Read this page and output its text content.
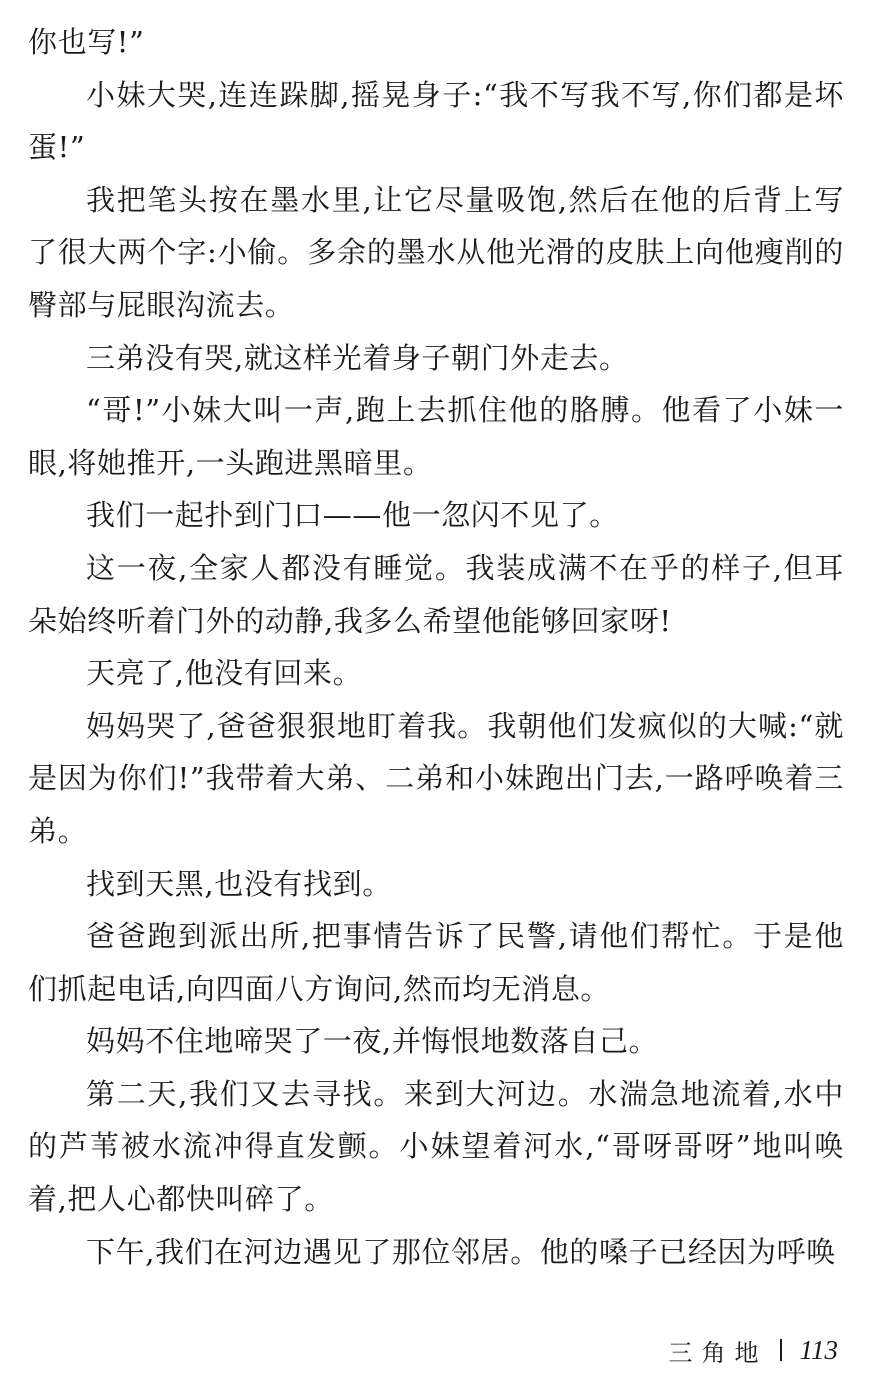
你也写!”

小妹大哭,连连跺脚,摇晃身子:“我不写我不写,你们都是坏蛋!”

我把笔头按在墨水里,让它尽量吸饱,然后在他的后背上写了很大两个字:小偷。多余的墨水从他光滑的皮肤上向他瘦削的臀部与屁眼沟流去。

三弟没有哭,就这样光着身子朝门外走去。

“哥!”小妹大叫一声,跑上去抓住他的胳膊。他看了小妹一眼,将她推开,一头跑进黑暗里。

我们一起扑到门口——他一忽闪不见了。

这一夜,全家人都没有睡觉。我装成满不在乎的样子,但耳朵始终听着门外的动静,我多么希望他能够回家呀!

天亮了,他没有回来。

妈妈哭了,爸爸狠狠地盯着我。我朝他们发疯似的大喊:“就是因为你们!”我带着大弟、二弟和小妹跑出门去,一路呼唤着三弟。

找到天黑,也没有找到。

爸爸跑到派出所,把事情告诉了民警,请他们帮忙。于是他们抓起电话,向四面八方询问,然而均无消息。

妈妈不住地啼哭了一夜,并悔恨地数落自己。

第二天,我们又去寻找。来到大河边。水湍急地流着,水中的芦苇被水流冲得直发颤。小妹望着河水,“哥呀哥呀”地叫唤着,把人心都快叫碎了。

下午,我们在河边遇见了那位邻居。他的嗓子已经因为呼唤

三角地 113
